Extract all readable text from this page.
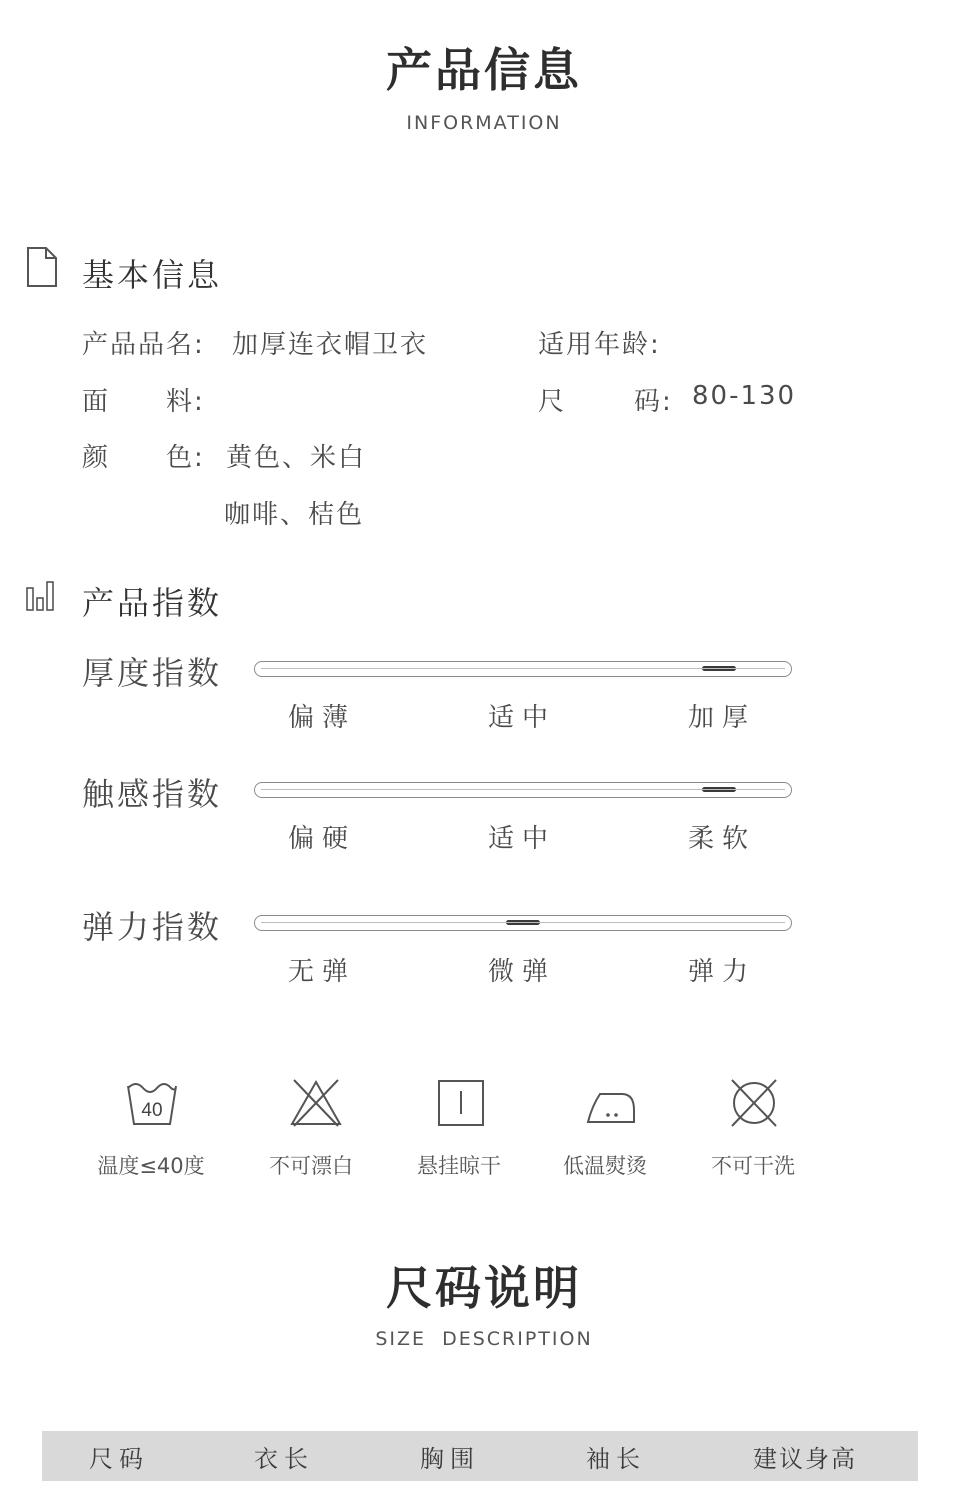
产品信息
INFORMATION
基本信息
产品品名: 加厚连衣帽卫衣	适用年龄:
面 料:	尺	码: 80-130
颜 色: 黄色、米白
咖啡、桔色
产品指数
厚度指数
偏薄	适中	加厚
触感指数
偏硬	适中	柔软
弹力指数
无弹	微弹	弹力
40
温度≤40度	不可漂白	悬挂晾干	低温熨烫	不可干洗
尺码说明
SIZE  DESCRIPTION
尺码	衣长	胸围	袖长	建议身高
